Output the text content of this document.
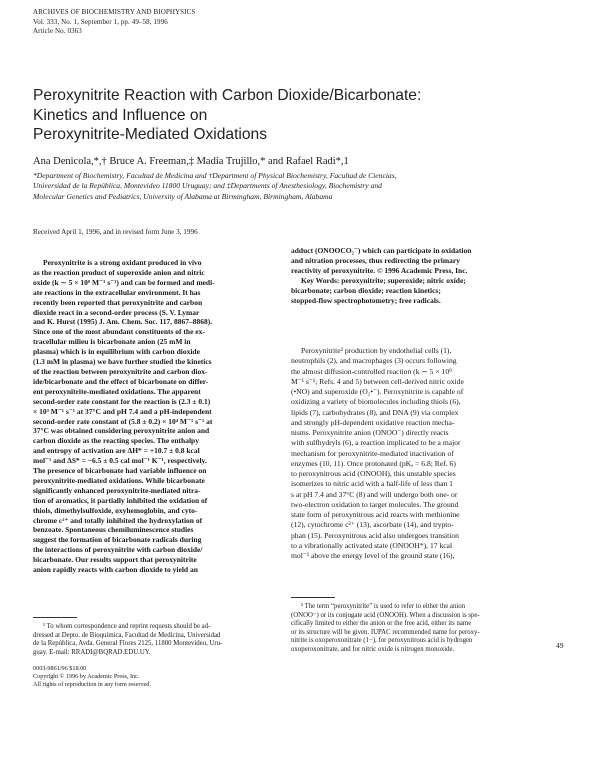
ARCHIVES OF BIOCHEMISTRY AND BIOPHYSICS
Vol. 333, No. 1, September 1, pp. 49–58, 1996
Article No. 0363
Peroxynitrite Reaction with Carbon Dioxide/Bicarbonate:
Kinetics and Influence on
Peroxynitrite-Mediated Oxidations
Ana Denicola,*,† Bruce A. Freeman,‡ Madia Trujillo,* and Rafael Radi*,1
*Department of Biochemistry, Facultad de Medicina and †Department of Physical Biochemistry, Facultad de Ciencias,
Universidad de la República, Montevideo 11800 Uruguay; and ‡Departments of Anesthesiology, Biochemistry and
Molecular Genetics and Pediatrics, University of Alabama at Birmingham, Birmingham, Alabama
Received April 1, 1996, and in revised form June 3, 1996
Peroxynitrite is a strong oxidant produced in vivo
as the reaction product of superoxide anion and nitric
oxide (k ∼ 5 × 10⁹ M⁻¹ s⁻¹) and can be formed and medi-
ate reactions in the extracellular environment. It has
recently been reported that peroxynitrite and carbon
dioxide react in a second-order process (S. V. Lymar
and K. Hurst (1995) J. Am. Chem. Soc. 117, 8867–8868).
Since one of the most abundant constituents of the ex-
tracellular milieu is bicarbonate anion (25 mM in
plasma) which is in equilibrium with carbon dioxide
(1.3 mM in plasma) we have further studied the kinetics
of the reaction between peroxynitrite and carbon diox-
ide/bicarbonate and the effect of bicarbonate on differ-
ent peroxynitrite-mediated oxidations. The apparent
second-order rate constant for the reaction is (2.3 ± 0.1)
× 10³ M⁻¹ s⁻¹ at 37°C and pH 7.4 and a pH-independent
second-order rate constant of (5.8 ± 0.2) × 10⁴ M⁻¹ s⁻¹ at
37°C was obtained considering peroxynitrite anion and
carbon dioxide as the reacting species. The enthalpy
and entropy of activation are ΔH* = +10.7 ± 0.8 kcal
mol⁻¹ and ΔS* = −6.5 ± 0.5 cal mol⁻¹ K⁻¹, respectively.
The presence of bicarbonate had variable influence on
peroxynitrite-mediated oxidations. While bicarbonate
significantly enhanced peroxynitrite-mediated nitra-
tion of aromatics, it partially inhibited the oxidation of
thiols, dimethylsulfoxide, oxyhemoglobin, and cyto-
chrome c²⁺ and totally inhibited the hydroxylation of
benzoate. Spontaneous chemiluminescence studies
suggest the formation of bicarbonate radicals during
the interactions of peroxynitrite with carbon dioxide/
bicarbonate. Our results support that peroxynitrite
anion rapidly reacts with carbon dioxide to yield an
adduct (ONOOCO₂⁻) which can participate in oxidation
and nitration processes, thus redirecting the primary
reactivity of peroxynitrite. © 1996 Academic Press, Inc.
Key Words: peroxynitrite; superoxide; nitric oxide;
bicarbonate; carbon dioxide; reaction kinetics;
stopped-flow spectrophotometry; free radicals.
Peroxynitrite² production by endothelial cells (1),
neutrophils (2), and macrophages (3) occurs following
the almost diffusion-controlled reaction (k ∼ 5 × 10⁹
M⁻¹ s⁻¹; Refs. 4 and 5) between cell-derived nitric oxide
(•NO) and superoxide (O₂•⁻). Peroxynitrite is capable of
oxidizing a variety of biomolecules including thiols (6),
lipids (7), carbohydrates (8), and DNA (9) via complex
and strongly pH-dependent oxidative reaction mecha-
nisms. Peroxynitrite anion (ONOO⁻) directly reacts
with sulfhydryls (6), a reaction implicated to be a major
mechanism for peroxynitrite-mediated inactivation of
enzymes (10, 11). Once protonated (pKₐ = 6.8; Ref. 6)
to peroxynitrous acid (ONOOH), this unstable species
isomerizes to nitric acid with a half-life of less than 1
s at pH 7.4 and 37°C (8) and will undergo both one- or
two-electron oxidation to target molecules. The ground
state form of peroxynitrous acid reacts with methionine
(12), cytochrome c²⁺ (13), ascorbate (14), and trypto-
phan (15). Peroxynitrous acid also undergoes transition
to a vibrationally activated state (ONOOH*), 17 kcal
mol⁻¹ above the energy level of the ground state (16),
¹ To whom correspondence and reprint requests should be ad-
dressed at Depto. de Bioquímica, Facultad de Medicina, Universidad
de la República, Avda. General Flores 2125, 11800 Montevideo, Uru-
guay. E-mail: RRADI@BQRAD.EDU.UY.
² The term “peroxynitrite” is used to refer to either the anion
(ONOO⁻) or its conjugate acid (ONOOH). When a discussion is spe-
cifically limited to either the anion or the free acid, either its name
or its structure will be given. IUPAC recommended name for peroxy-
nitrite is oxoperoxonitrate (1−), for peroxynitrous acid is hydrogen
oxoperoxonitrate, and for nitric oxide is nitrogen monoxide.
0003-9861/96 $18.00
Copyright © 1996 by Academic Press, Inc.
All rights of reproduction in any form reserved.
49
